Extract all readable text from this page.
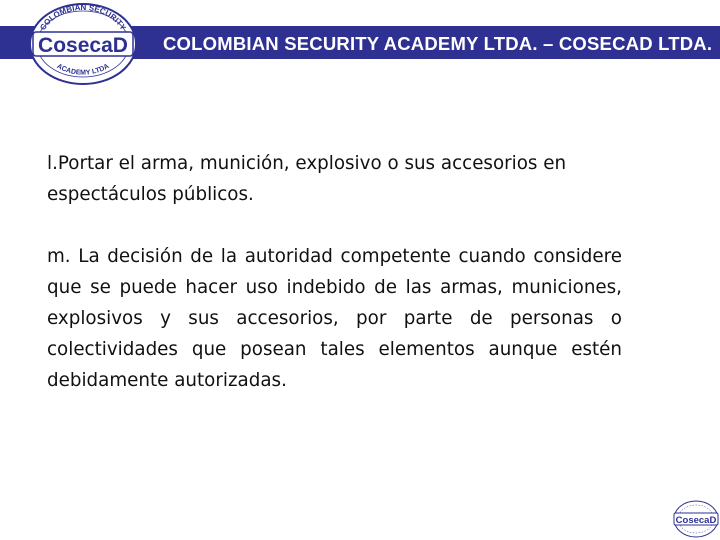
COLOMBIAN SECURITY ACADEMY LTDA. – COSECAD LTDA.
COLOMBIAN SECURITY
ACADEMY LTDA
CosecaD

l.Portar el arma, munición, explosivo o sus accesorios en espectáculos públicos.

m. La decisión de la autoridad competente cuando considere que se puede hacer uso indebido de las armas, municiones, explosivos y sus accesorios, por parte de personas o colectividades que posean tales elementos aunque estén debidamente autorizadas.

CosecaD
